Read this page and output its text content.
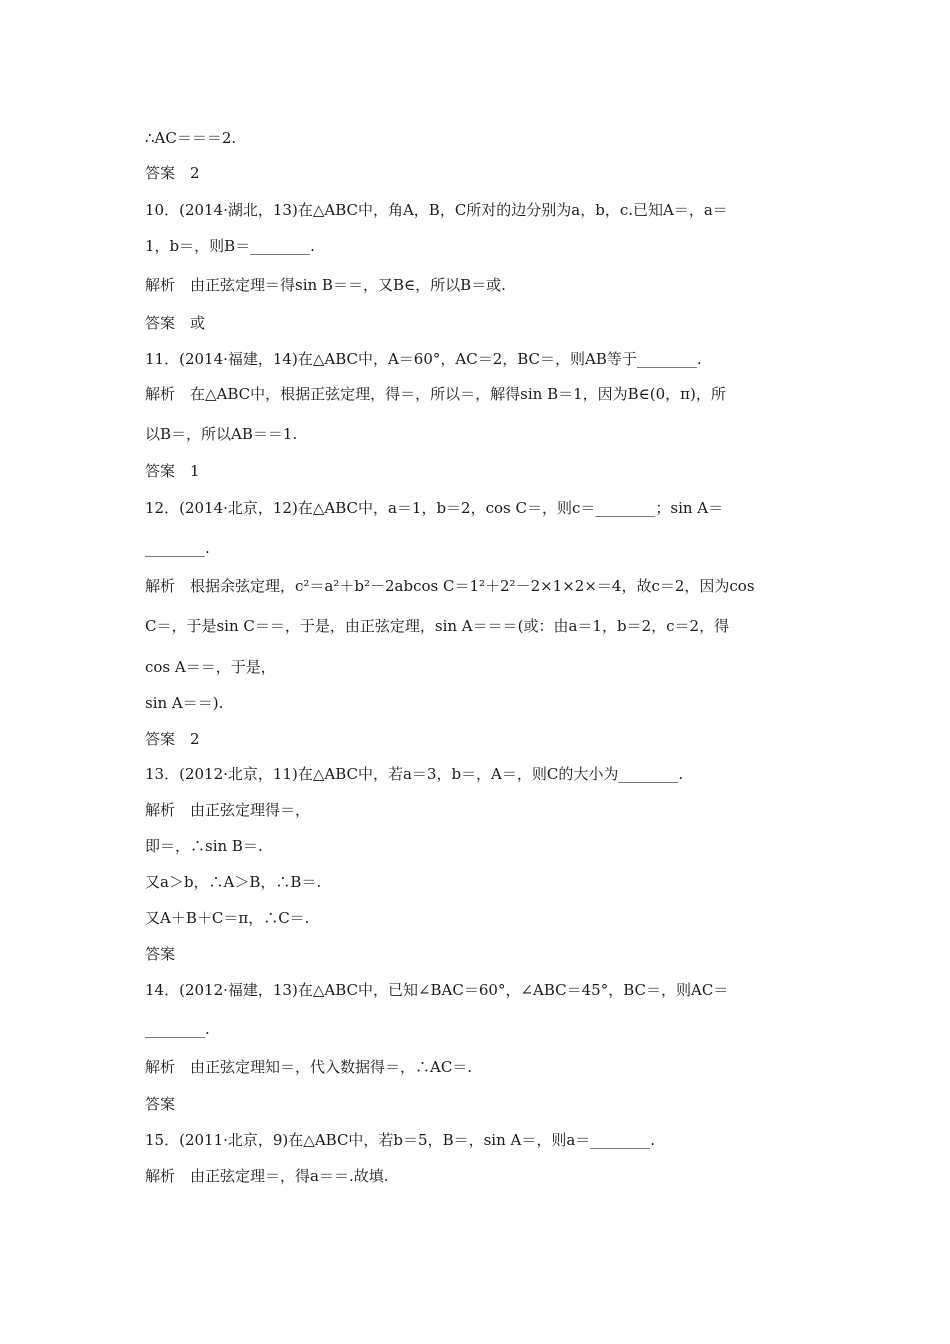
∴AC＝＝＝2.
答案　2
10．(2014·湖北，13)在△ABC中，角A，B，C所对的边分别为a，b，c.已知A＝，a＝
1，b＝，则B＝________.
解析　由正弦定理＝得sin B＝＝，又B∈，所以B＝或.
答案　或
11．(2014·福建，14)在△ABC中，A＝60°，AC＝2，BC＝，则AB等于________.
解析　在△ABC中，根据正弦定理，得＝，所以＝，解得sin B＝1，因为B∈(0，π)，所
以B＝，所以AB＝＝1.
答案　1
12．(2014·北京，12)在△ABC中，a＝1，b＝2，cos C＝，则c＝________；sin A＝
________.
解析　根据余弦定理，c²＝a²＋b²－2abcos C＝1²＋2²－2×1×2×＝4，故c＝2，因为cos
C＝，于是sin C＝＝，于是，由正弦定理，sin A＝＝＝(或：由a＝1，b＝2，c＝2，得
cos A＝＝，于是，
sin A＝＝).
答案　2
13．(2012·北京，11)在△ABC中，若a＝3，b＝，A＝，则C的大小为________.
解析　由正弦定理得＝，
即＝，∴sin B＝.
又a＞b，∴A＞B，∴B＝.
又A＋B＋C＝π，∴C＝.
答案
14．(2012·福建，13)在△ABC中，已知∠BAC＝60°，∠ABC＝45°，BC＝，则AC＝
________.
解析　由正弦定理知＝，代入数据得＝，∴AC＝.
答案
15．(2011·北京，9)在△ABC中，若b＝5，B＝，sin A＝，则a＝________.
解析　由正弦定理＝，得a＝＝.故填.
